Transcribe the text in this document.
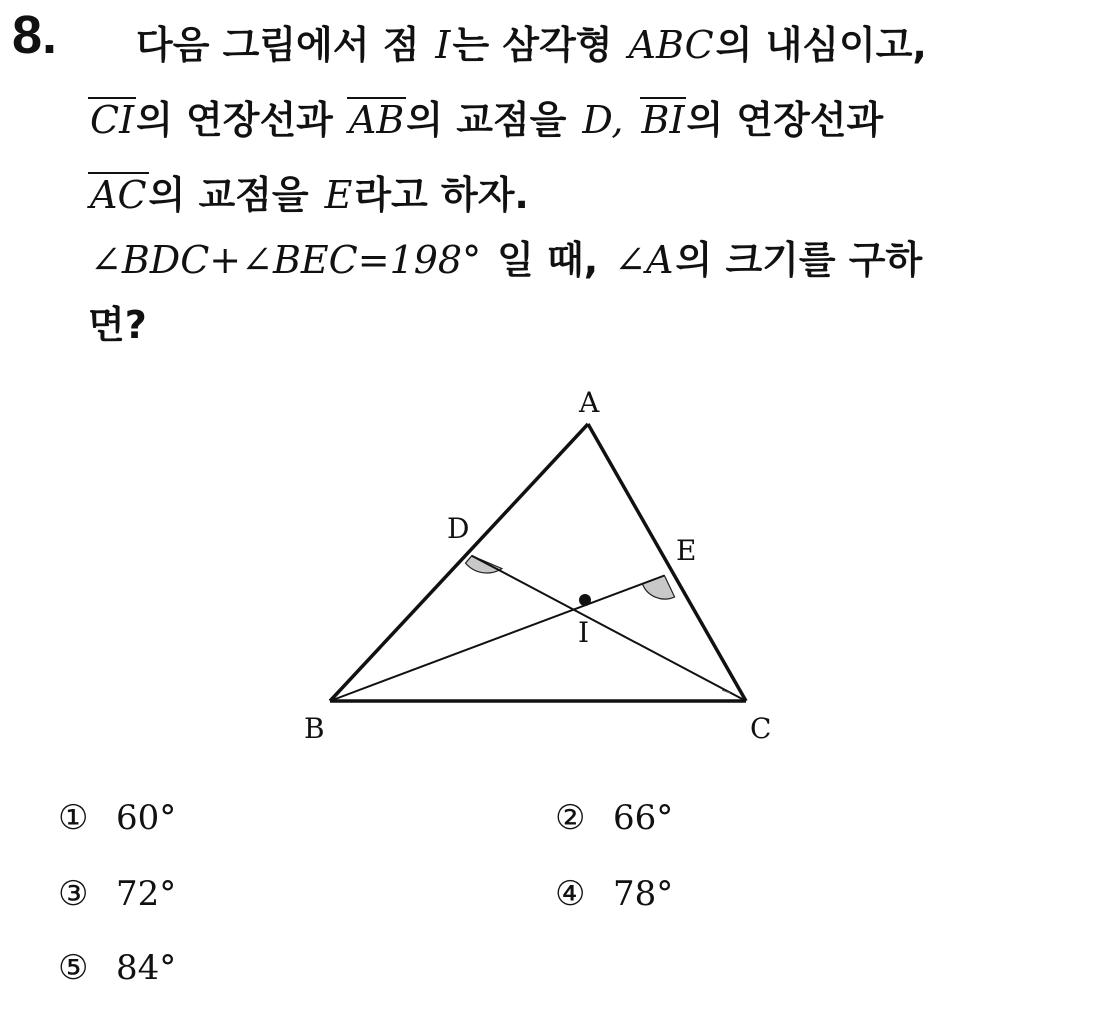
8. 다음 그림에서 점 I는 삼각형 ABC의 내심이고,
CI의 연장선과 AB의 교점을 D, BI의 연장선과
AC의 교점을 E라고 하자.
∠BDC+∠BEC=198° 일 때, ∠A의 크기를 구하
면?
A
B	C
D
E
I
① 60°	② 66°
③ 72°	④ 78°
⑤ 84°
